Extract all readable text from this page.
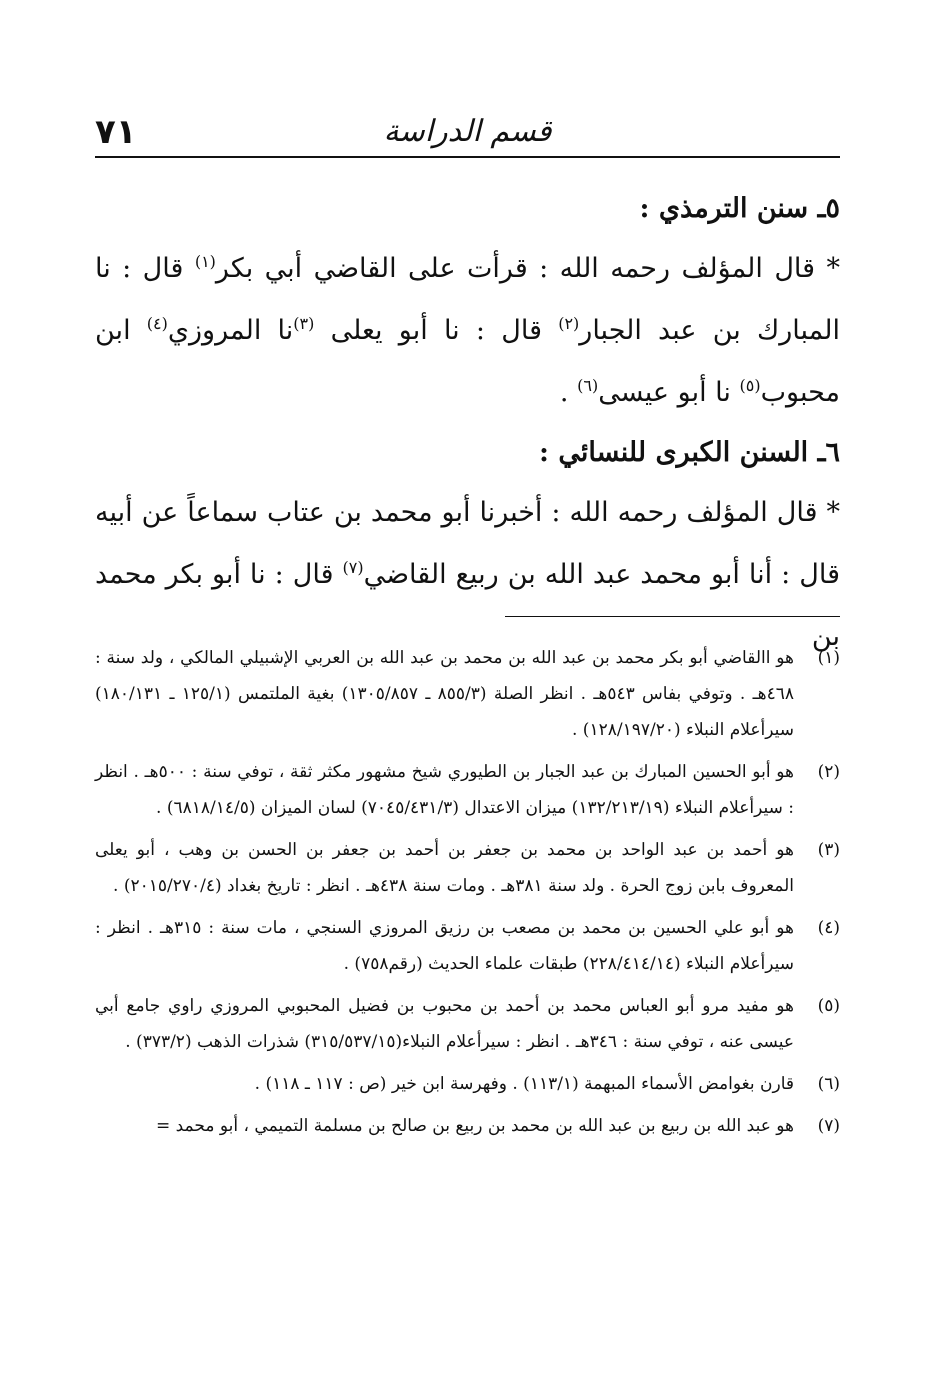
٧١	قسم الدراسة

٥ـ سنن الترمذي :

* قال المؤلف رحمه الله : قرأت على القاضي أبي بكر$^{(١)}$ قال : نا المبارك بن عبد الجبار$^{(٢)}$ قال : نا أبو يعلى $^{(٣)}$نا المروزي$^{(٤)}$ ابن محبوب$^{(٥)}$ نا أبو عيسى$^{(٦)}$ .

٦ـ السنن الكبرى للنسائي :

* قال المؤلف رحمه الله : أخبرنا أبو محمد بن عتاب سماعاً عن أبيه قال : أنا أبو محمد عبد الله بن ربيع القاضي$^{(٧)}$ قال : نا أبو بكر محمد بن

(١)
هو االقاضي أبو بكر محمد بن عبد الله بن محمد بن عبد الله بن العربي الإشبيلي المالكي ، ولد سنة : ٤٦٨هـ . وتوفي بفاس ٥٤٣هـ . انظر الصلة (٨٥٥/٣ ـ ١٣٠٥/٨٥٧) بغية الملتمس (١٢٥/١ ـ ١٨٠/١٣١) سيرأعلام النبلاء (١٢٨/١٩٧/٢٠) .
(٢)
هو أبو الحسين المبارك بن عبد الجبار بن الطيوري شيخ مشهور مكثر ثقة ، توفي سنة : ٥٠٠هـ . انظر : سيرأعلام النبلاء (١٣٢/٢١٣/١٩) ميزان الاعتدال (٧٠٤٥/٤٣١/٣) لسان الميزان (٦٨١٨/١٤/٥) .
(٣)
هو أحمد بن عبد الواحد بن محمد بن جعفر بن أحمد بن جعفر بن الحسن بن وهب ، أبو يعلى المعروف بابن زوج الحرة . ولد سنة ٣٨١هـ . ومات سنة ٤٣٨هـ . انظر : تاريخ بغداد (٢٠١٥/٢٧٠/٤) .
(٤)
هو أبو علي الحسين بن محمد بن مصعب بن رزيق المروزي السنجي ، مات سنة : ٣١٥هـ . انظر : سيرأعلام النبلاء (٢٢٨/٤١٤/١٤) طبقات علماء الحديث (رقم٧٥٨) .
(٥)
هو مفيد مرو أبو العباس محمد بن أحمد بن محبوب بن فضيل المحبوبي المروزي راوي جامع أبي عيسى عنه ، توفي سنة : ٣٤٦هـ . انظر : سيرأعلام النبلاء(٣١٥/٥٣٧/١٥) شذرات الذهب (٣٧٣/٢) .
(٦)
قارن بغوامض الأسماء المبهمة (١١٣/١) . وفهرسة ابن خير (ص : ١١٧ ـ ١١٨) .
(٧)
هو عبد الله بن ربيع بن عبد الله بن محمد بن ربيع بن صالح بن مسلمة التميمي ، أبو محمد =
